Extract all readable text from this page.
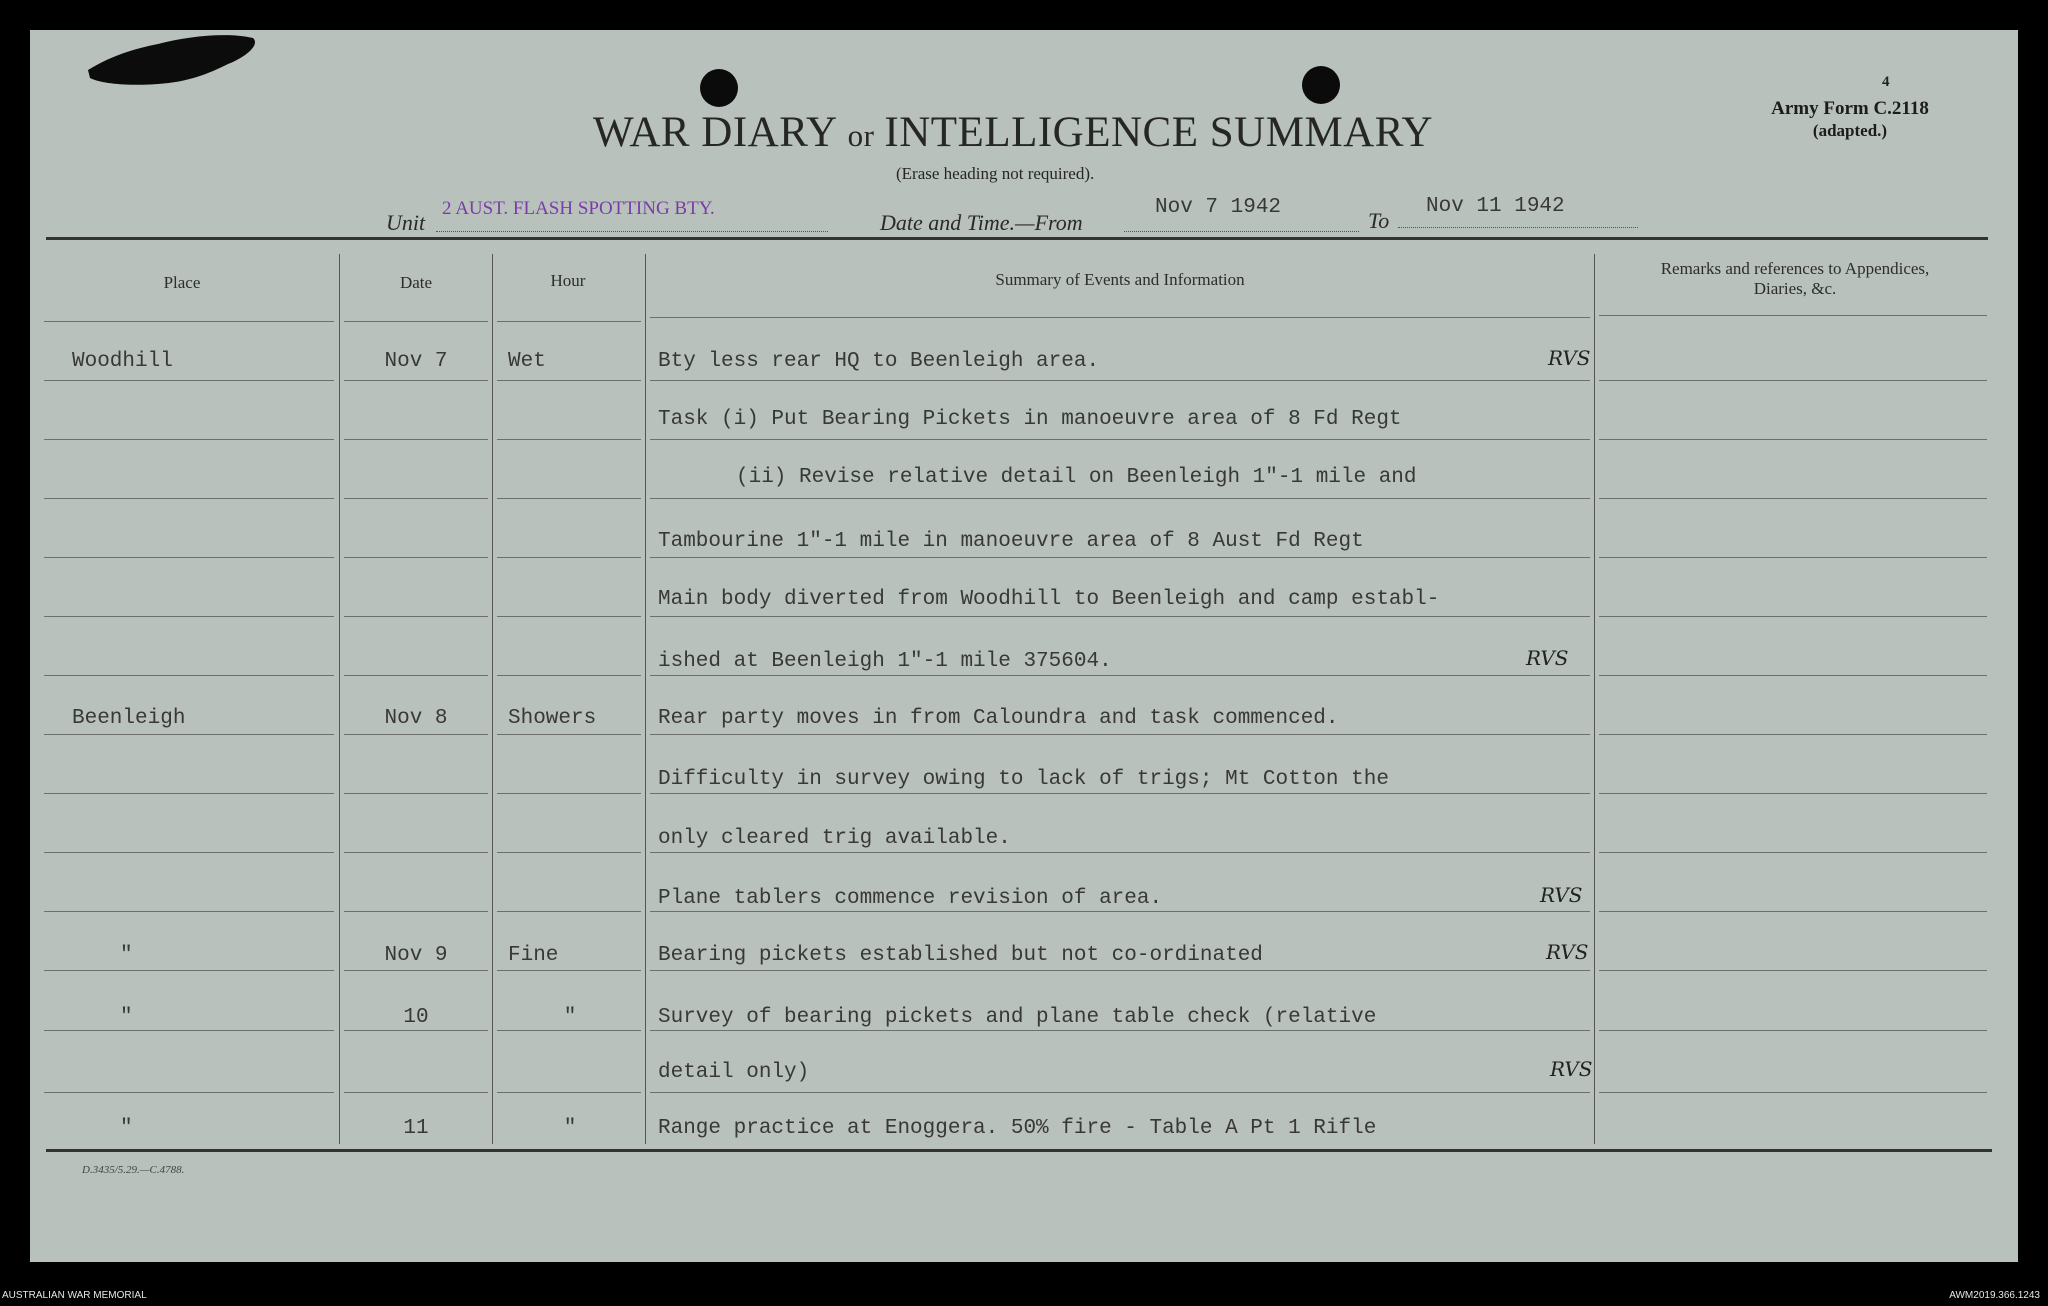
4
Army Form C.2118
(adapted.)
WAR DIARY or INTELLIGENCE SUMMARY
(Erase heading not required).
Unit
2 AUST. FLASH SPOTTING BTY.
Date and Time.—From
Nov 7 1942
To
Nov 11 1942
Place	Date	Hour	Summary of Events and Information
Remarks and references to Appendices, Diaries, &c.
Woodhill	Nov 7	Wet	Bty less rear HQ to Beenleigh area.	RVS
Task (i) Put Bearing Pickets in manoeuvre area of 8 Fd Regt
(ii) Revise relative detail on Beenleigh 1"-1 mile and
Tambourine 1"-1 mile in manoeuvre area of 8 Aust Fd Regt
Main body diverted from Woodhill to Beenleigh and camp establ-
ished at Beenleigh 1"-1 mile 375604.	RVS
Beenleigh	Nov 8	Showers	Rear party moves in from Caloundra and task commenced.
Difficulty in survey owing to lack of trigs; Mt Cotton the
only cleared trig available.
Plane tablers commence revision of area.	RVS
"	Nov 9	Fine	Bearing pickets established but not co-ordinated	RVS
"	10	"	Survey of bearing pickets and plane table check (relative
detail only)	RVS
"	11	"	Range practice at Enoggera. 50% fire - Table A Pt 1 Rifle
D.3435/5.29.—C.4788.
AUSTRALIAN WAR MEMORIAL	AWM2019.366.1243
